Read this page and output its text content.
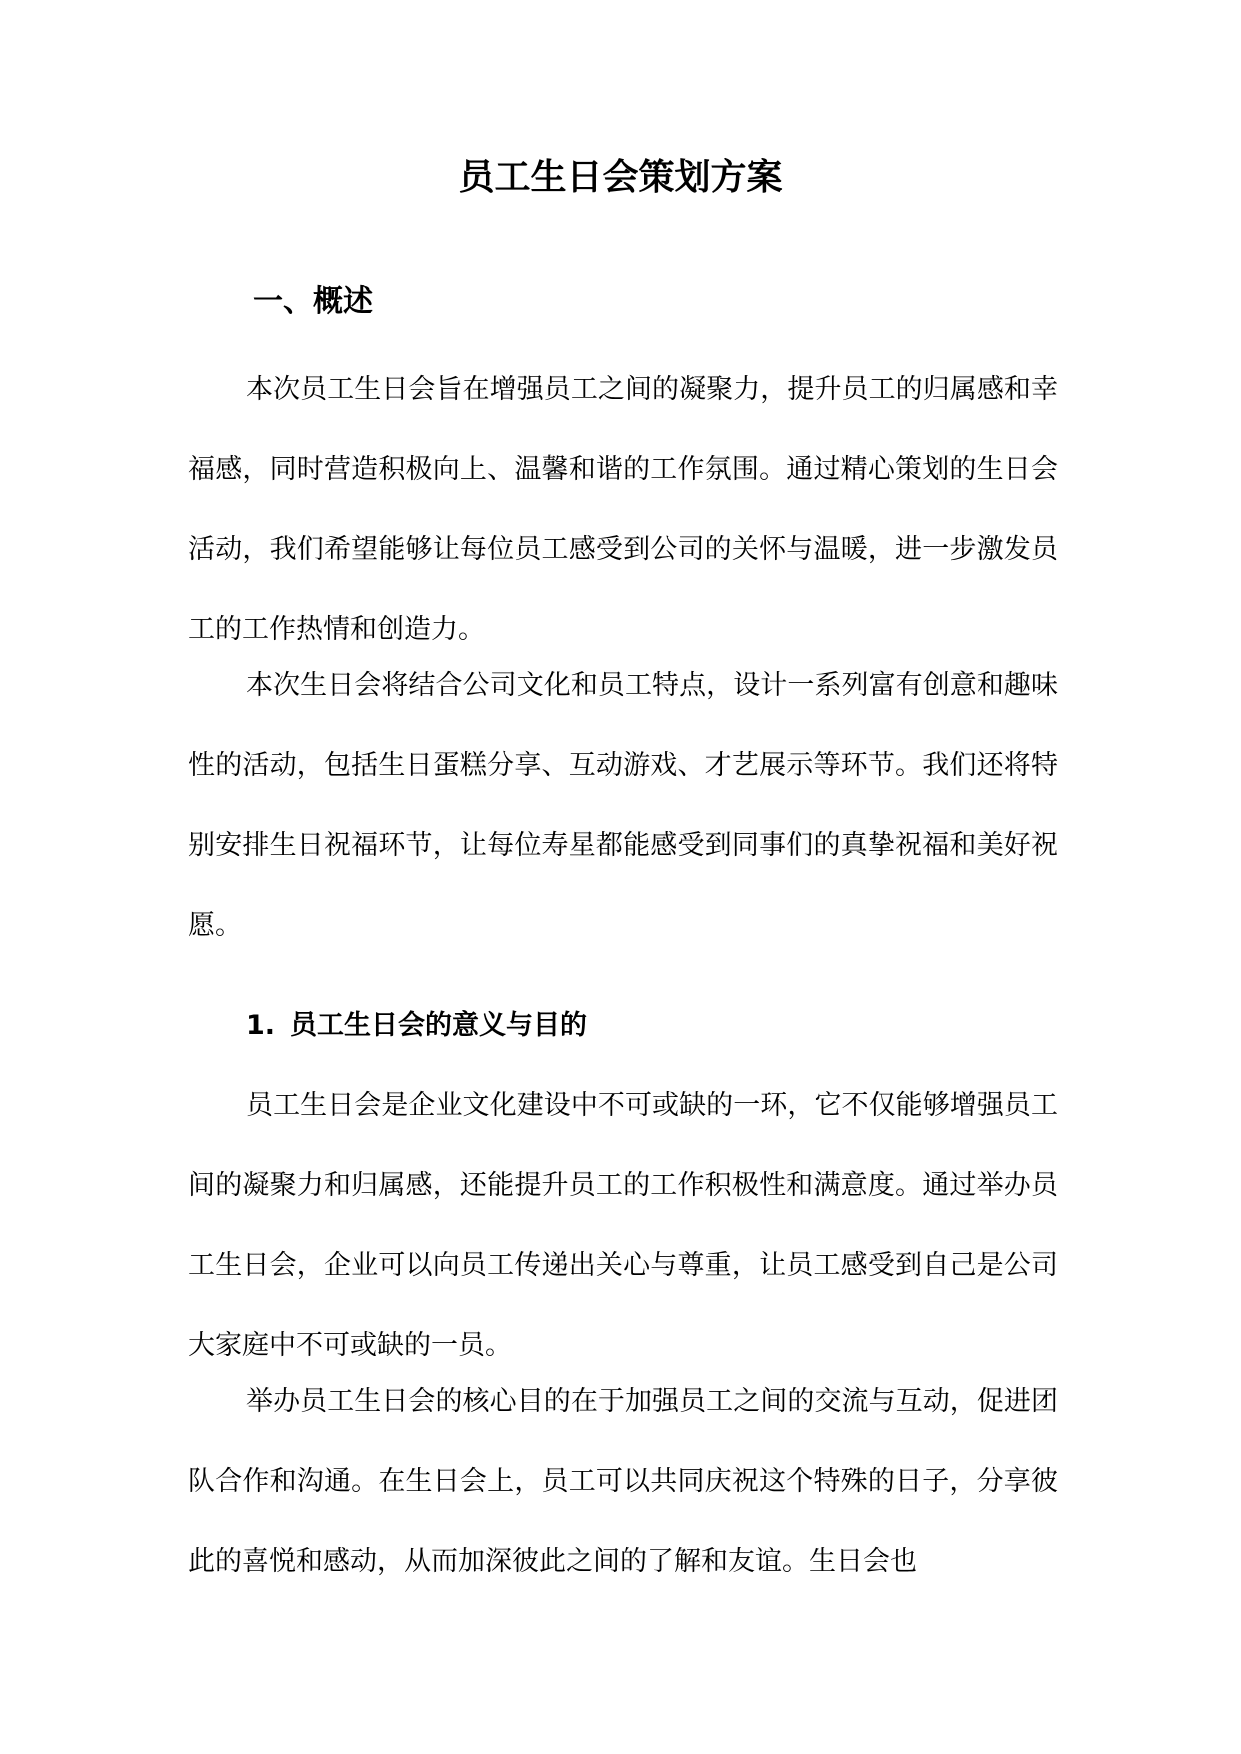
员工生日会策划方案
一、概述

本次员工生日会旨在增强员工之间的凝聚力，提升员工的归属感和幸福感，同时营造积极向上、温馨和谐的工作氛围。通过精心策划的生日会活动，我们希望能够让每位员工感受到公司的关怀与温暖，进一步激发员工的工作热情和创造力。

本次生日会将结合公司文化和员工特点，设计一系列富有创意和趣味性的活动，包括生日蛋糕分享、互动游戏、才艺展示等环节。我们还将特别安排生日祝福环节，让每位寿星都能感受到同事们的真挚祝福和美好祝愿。

1. 员工生日会的意义与目的

员工生日会是企业文化建设中不可或缺的一环，它不仅能够增强员工间的凝聚力和归属感，还能提升员工的工作积极性和满意度。通过举办员工生日会，企业可以向员工传递出关心与尊重，让员工感受到自己是公司大家庭中不可或缺的一员。

举办员工生日会的核心目的在于加强员工之间的交流与互动，促进团队合作和沟通。在生日会上，员工可以共同庆祝这个特殊的日子，分享彼此的喜悦和感动，从而加深彼此之间的了解和友谊。生日会也
